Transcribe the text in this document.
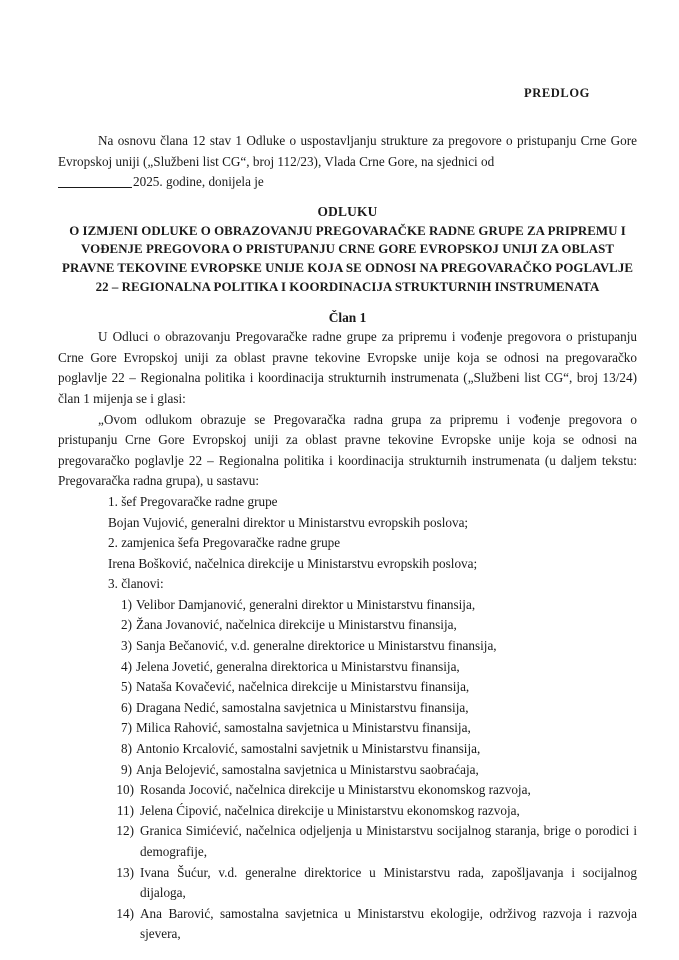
PREDLOG

Na osnovu člana 12 stav 1 Odluke o uspostavljanju strukture za pregovore o pristupanju Crne Gore Evropskoj uniji („Službeni list CG“, broj 112/23), Vlada Crne Gore, na sjednici od
2025. godine, donijela je

ODLUKU
O IZMJENI ODLUKE O OBRAZOVANJU PREGOVARAČKE RADNE GRUPE ZA PRIPREMU I VOĐENJE PREGOVORA O PRISTUPANJU CRNE GORE EVROPSKOJ UNIJI ZA OBLAST PRAVNE TEKOVINE EVROPSKE UNIJE KOJA SE ODNOSI NA PREGOVARAČKO POGLAVLJE 22 – REGIONALNA POLITIKA I KOORDINACIJA STRUKTURNIH INSTRUMENATA
Član 1

U Odluci o obrazovanju Pregovaračke radne grupe za pripremu i vođenje pregovora o pristupanju Crne Gore Evropskoj uniji za oblast pravne tekovine Evropske unije koja se odnosi na pregovaračko poglavlje 22 – Regionalna politika i koordinacija strukturnih instrumenata („Službeni list CG“, broj 13/24) član 1 mijenja se i glasi:

„Ovom odlukom obrazuje se Pregovaračka radna grupa za pripremu i vođenje pregovora o pristupanju Crne Gore Evropskoj uniji za oblast pravne tekovine Evropske unije koja se odnosi na pregovaračko poglavlje 22 – Regionalna politika i koordinacija strukturnih instrumenata (u daljem tekstu: Pregovaračka radna grupa), u sastavu:

1. šef Pregovaračke radne grupe

Bojan Vujović, generalni direktor u Ministarstvu evropskih poslova;

2. zamjenica šefa Pregovaračke radne grupe

Irena Bošković, načelnica direkcije u Ministarstvu evropskih poslova;

3. članovi:

1) Velibor Damjanović, generalni direktor u Ministarstvu finansija,
2) Žana Jovanović, načelnica direkcije u Ministarstvu finansija,
3) Sanja Bečanović, v.d. generalne direktorice u Ministarstvu finansija,
4) Jelena Jovetić, generalna direktorica u Ministarstvu finansija,
5) Nataša Kovačević, načelnica direkcije u Ministarstvu finansija,
6) Dragana Nedić, samostalna savjetnica u Ministarstvu finansija,
7) Milica Rahović, samostalna savjetnica u Ministarstvu finansija,
8) Antonio Krcalović, samostalni savjetnik u Ministarstvu finansija,
9) Anja Belojević, samostalna savjetnica u Ministarstvu saobraćaja,
10) Rosanda Jocović, načelnica direkcije u Ministarstvu ekonomskog razvoja,
11) Jelena Ćipović, načelnica direkcije u Ministarstvu ekonomskog razvoja,
12) Granica Simićević, načelnica odjeljenja u Ministarstvu socijalnog staranja, brige o porodici i demografije,
13) Ivana Šućur, v.d. generalne direktorice u Ministarstvu rada, zapošljavanja i socijalnog dijaloga,
14) Ana Barović, samostalna savjetnica u Ministarstvu ekologije, održivog razvoja i razvoja sjevera,
